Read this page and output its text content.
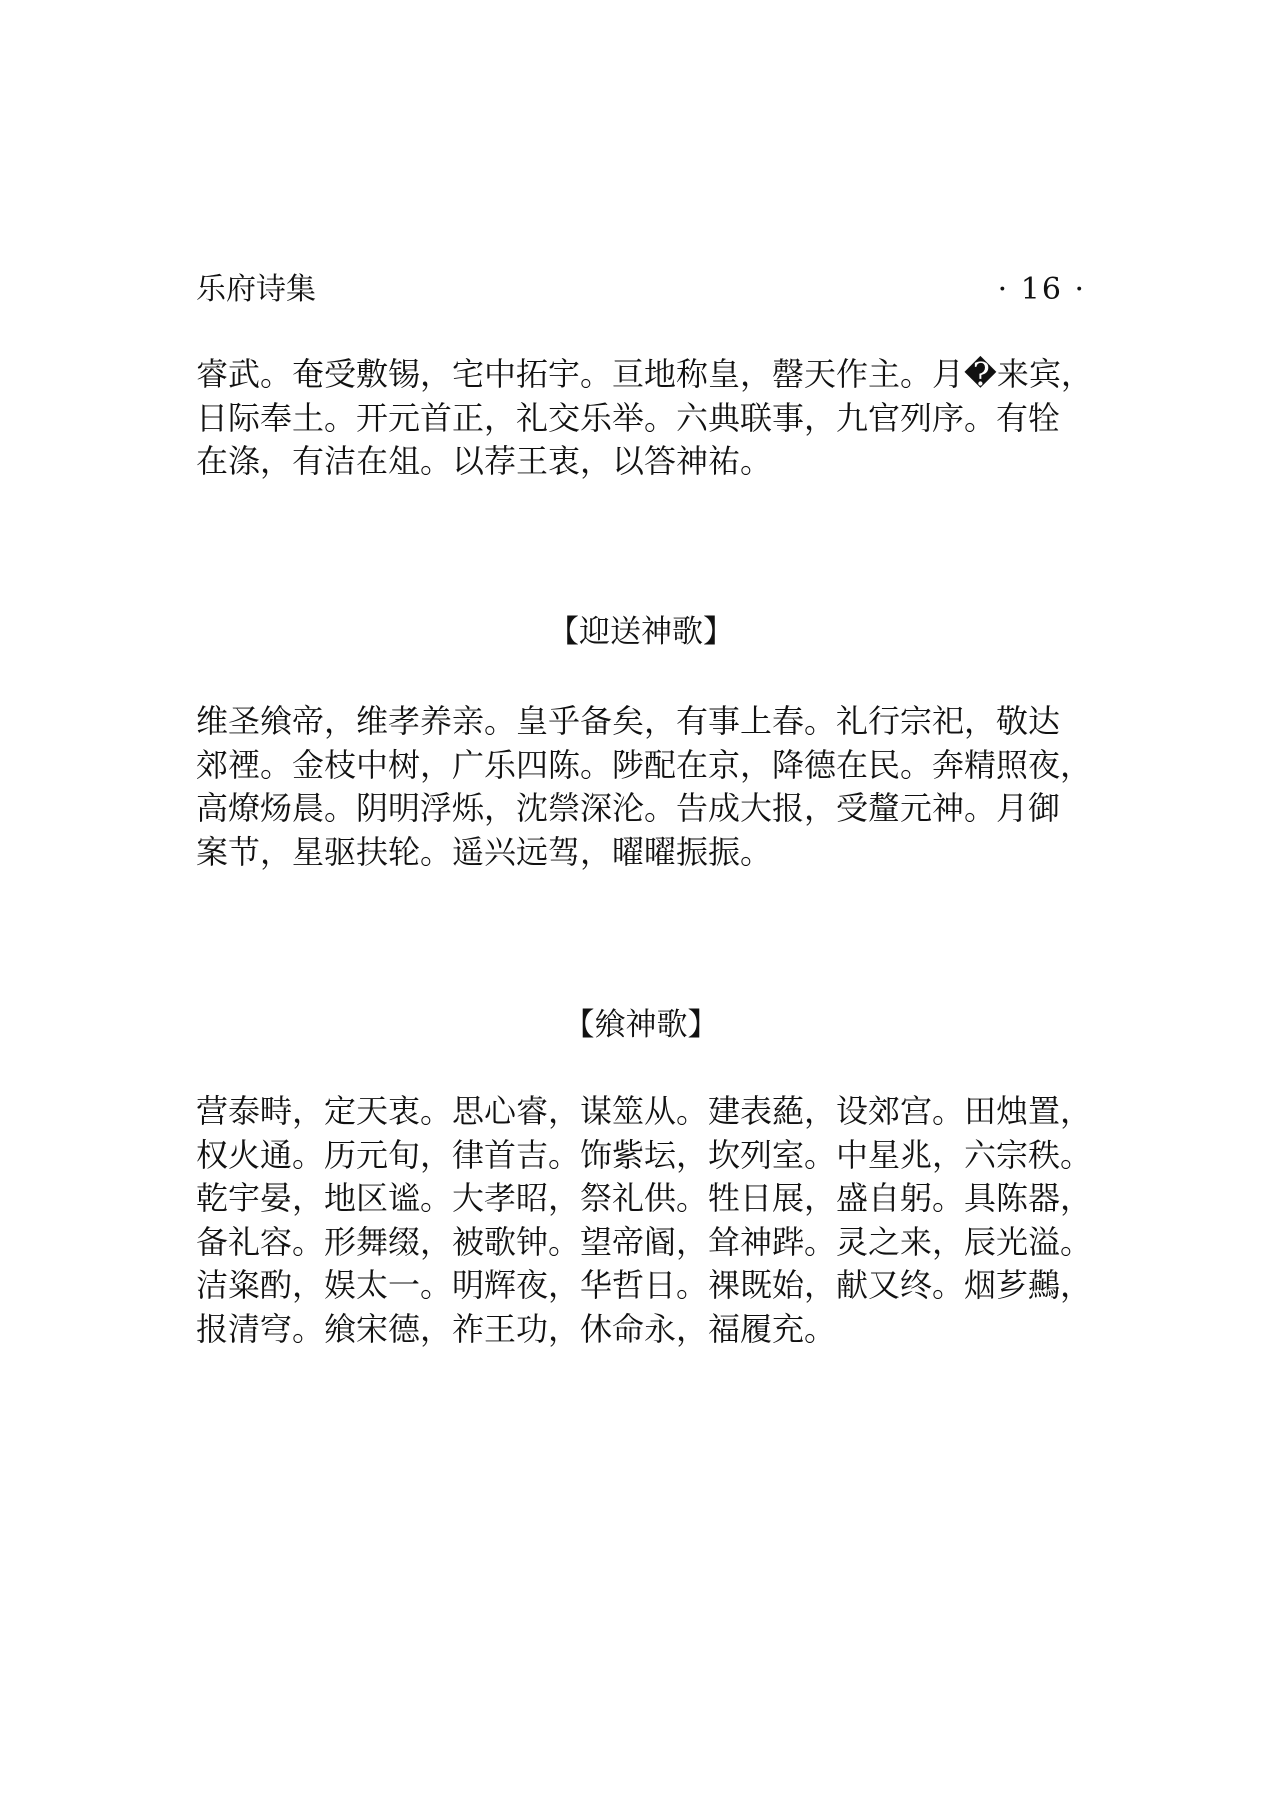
乐府诗集	· 16 ·

睿武。奄受敷锡，宅中拓宇。亘地称皇，罄天作主。月�来宾，
日际奉土。开元首正，礼交乐举。六典联事，九官列序。有牷
在涤，有洁在俎。以荐王衷，以答神祐。

【迎送神歌】

维圣飨帝，维孝养亲。皇乎备矣，有事上春。礼行宗祀，敬达
郊禋。金枝中树，广乐四陈。陟配在京，降德在民。奔精照夜，
高燎炀晨。阴明浮烁，沈禜深沦。告成大报，受釐元神。月御
案节，星驱扶轮。遥兴远驾，曜曜振振。

【飨神歌】

营泰畤，定天衷。思心睿，谋筮从。建表蕝，设郊宫。田烛置，
权火通。历元旬，律首吉。饰紫坛，坎列室。中星兆，六宗秩。
乾宇晏，地区谧。大孝昭，祭礼供。牲日展，盛自躬。具陈器，
备礼容。形舞缀，被歌钟。望帝阍，耸神跸。灵之来，辰光溢。
洁粢酌，娱太一。明辉夜，华哲日。祼既始，献又终。烟芗䴏，
报清穹。飨宋德，祚王功，休命永，福履充。
